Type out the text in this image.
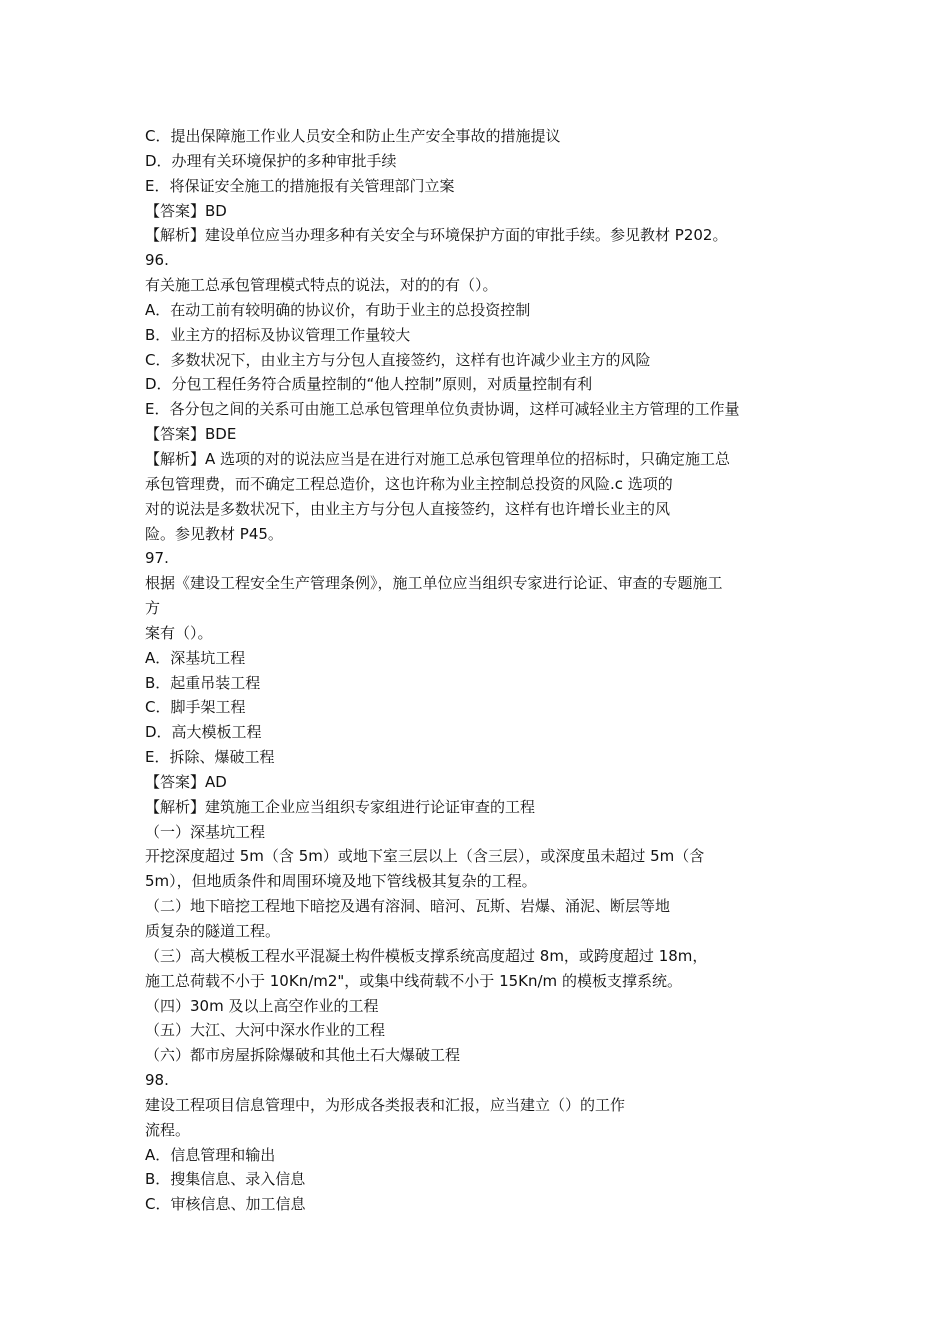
C．提出保障施工作业人员安全和防止生产安全事故的措施提议
D．办理有关环境保护的多种审批手续
E．将保证安全施工的措施报有关管理部门立案
【答案】BD
【解析】建设单位应当办理多种有关安全与环境保护方面的审批手续。参见教材 P202。
96.
有关施工总承包管理模式特点的说法，对的的有（）。
A．在动工前有较明确的协议价，有助于业主的总投资控制
B．业主方的招标及协议管理工作量较大
C．多数状况下，由业主方与分包人直接签约，这样有也许减少业主方的风险
D．分包工程任务符合质量控制的“他人控制”原则，对质量控制有利
E．各分包之间的关系可由施工总承包管理单位负责协调，这样可减轻业主方管理的工作量
【答案】BDE
【解析】A 选项的对的说法应当是在进行对施工总承包管理单位的招标时，只确定施工总
承包管理费，而不确定工程总造价，这也许称为业主控制总投资的风险.c 选项的
对的说法是多数状况下，由业主方与分包人直接签约，这样有也许增长业主的风
险。参见教材 P45。
97.
根据《建设工程安全生产管理条例》，施工单位应当组织专家进行论证、审查的专题施工
方
案有（）。
A．深基坑工程
B．起重吊装工程
C．脚手架工程
D．高大模板工程
E．拆除、爆破工程
【答案】AD
【解析】建筑施工企业应当组织专家组进行论证审查的工程
（一）深基坑工程
开挖深度超过 5m（含 5m）或地下室三层以上（含三层），或深度虽未超过 5m（含
5m），但地质条件和周围环境及地下管线极其复杂的工程。
（二）地下暗挖工程地下暗挖及遇有溶洞、暗河、瓦斯、岩爆、涌泥、断层等地
质复杂的隧道工程。
（三）高大模板工程水平混凝土构件模板支撑系统高度超过 8m，或跨度超过 18m，
施工总荷载不小于 10Kn/m2"，或集中线荷载不小于 15Kn/m 的模板支撑系统。
（四）30m 及以上高空作业的工程
（五）大江、大河中深水作业的工程
（六）都市房屋拆除爆破和其他土石大爆破工程
98.
建设工程项目信息管理中，为形成各类报表和汇报，应当建立（）的工作
流程。
A．信息管理和输出
B．搜集信息、录入信息
C．审核信息、加工信息
